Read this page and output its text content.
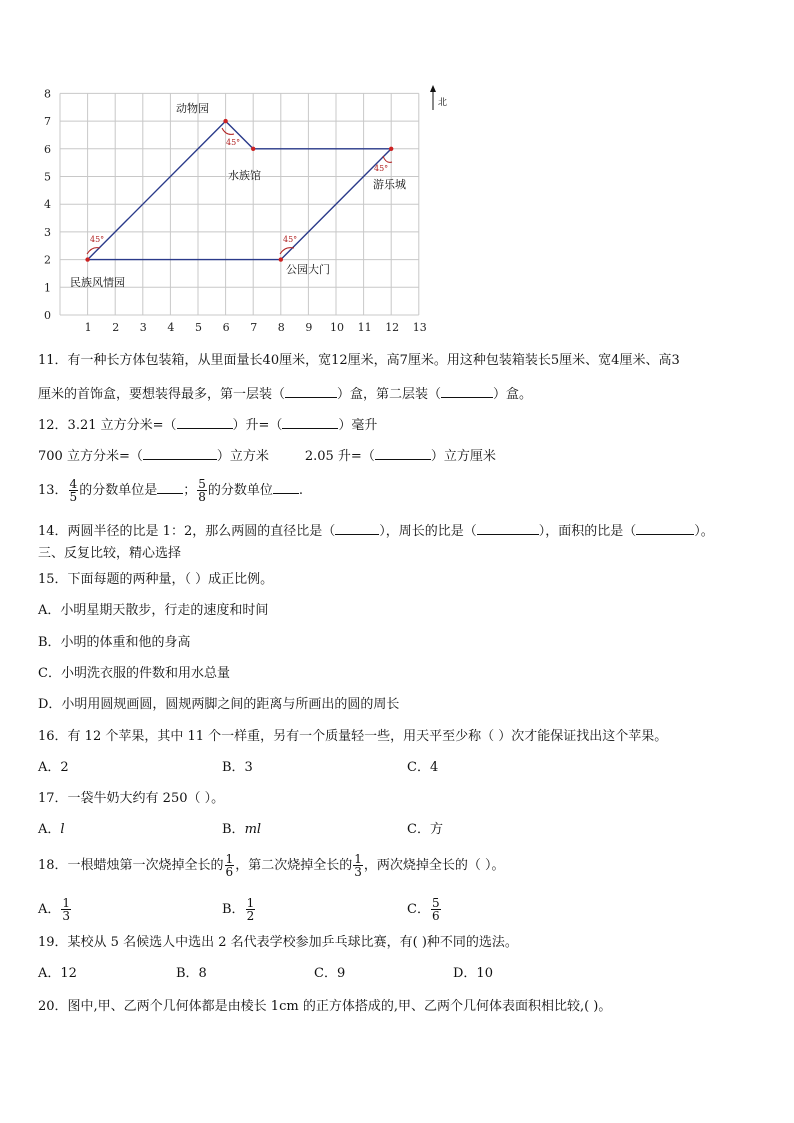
0
1
2
3
4
5
6
7
8
1 2 3 4 5 6 7 8 9 10 11 12 13
北
45°
45°
45°	45°
动物园
水族馆
游乐城
民族风情园
公园大门
11．有一种长方体包装箱，从里面量长40厘米，宽12厘米，高7厘米。用这种包装箱装长5厘米、宽4厘米、高3
厘米的首饰盒，要想装得最多，第一层装（	）盒，第二层装（	）盒。
12．3.21 立方分米=（	）升=（	）毫升
700 立方分米=（	）立方米	2.05 升=（	）立方厘米
13． $\frac{4}{5}$ 的分数单位是 ； $\frac{5}{8}$ 的分数单位 .
14．两圆半径的比是 1：2，那么两圆的直径比是（	），周长的比是（	），面积的比是（	）。
三、反复比较，精心选择
15．下面每题的两种量，（ ）成正比例。
A．小明星期天散步，行走的速度和时间
B．小明的体重和他的身高
C．小明洗衣服的件数和用水总量
D．小明用圆规画圆，圆规两脚之间的距离与所画出的圆的周长
16．有 12 个苹果，其中 11 个一样重，另有一个质量轻一些，用天平至少称（ ）次才能保证找出这个苹果。
A．2	B．3	C．4
17．一袋牛奶大约有 250（ ）。
A．l	B．ml	C．方
18．一根蜡烛第一次烧掉全长的 $\frac{1}{6}$ ，第二次烧掉全长的 $\frac{1}{3}$ ，两次烧掉全长的（ ）。
A． $\frac{1}{3}$	B． $\frac{1}{2}$	C． $\frac{5}{6}$
19．某校从 5 名候选人中选出 2 名代表学校参加乒乓球比赛，有( )种不同的选法。
A．12	B．8	C．9	D．10
20．图中,甲、乙两个几何体都是由棱长 1cm 的正方体搭成的,甲、乙两个几何体表面积相比较,( )。
